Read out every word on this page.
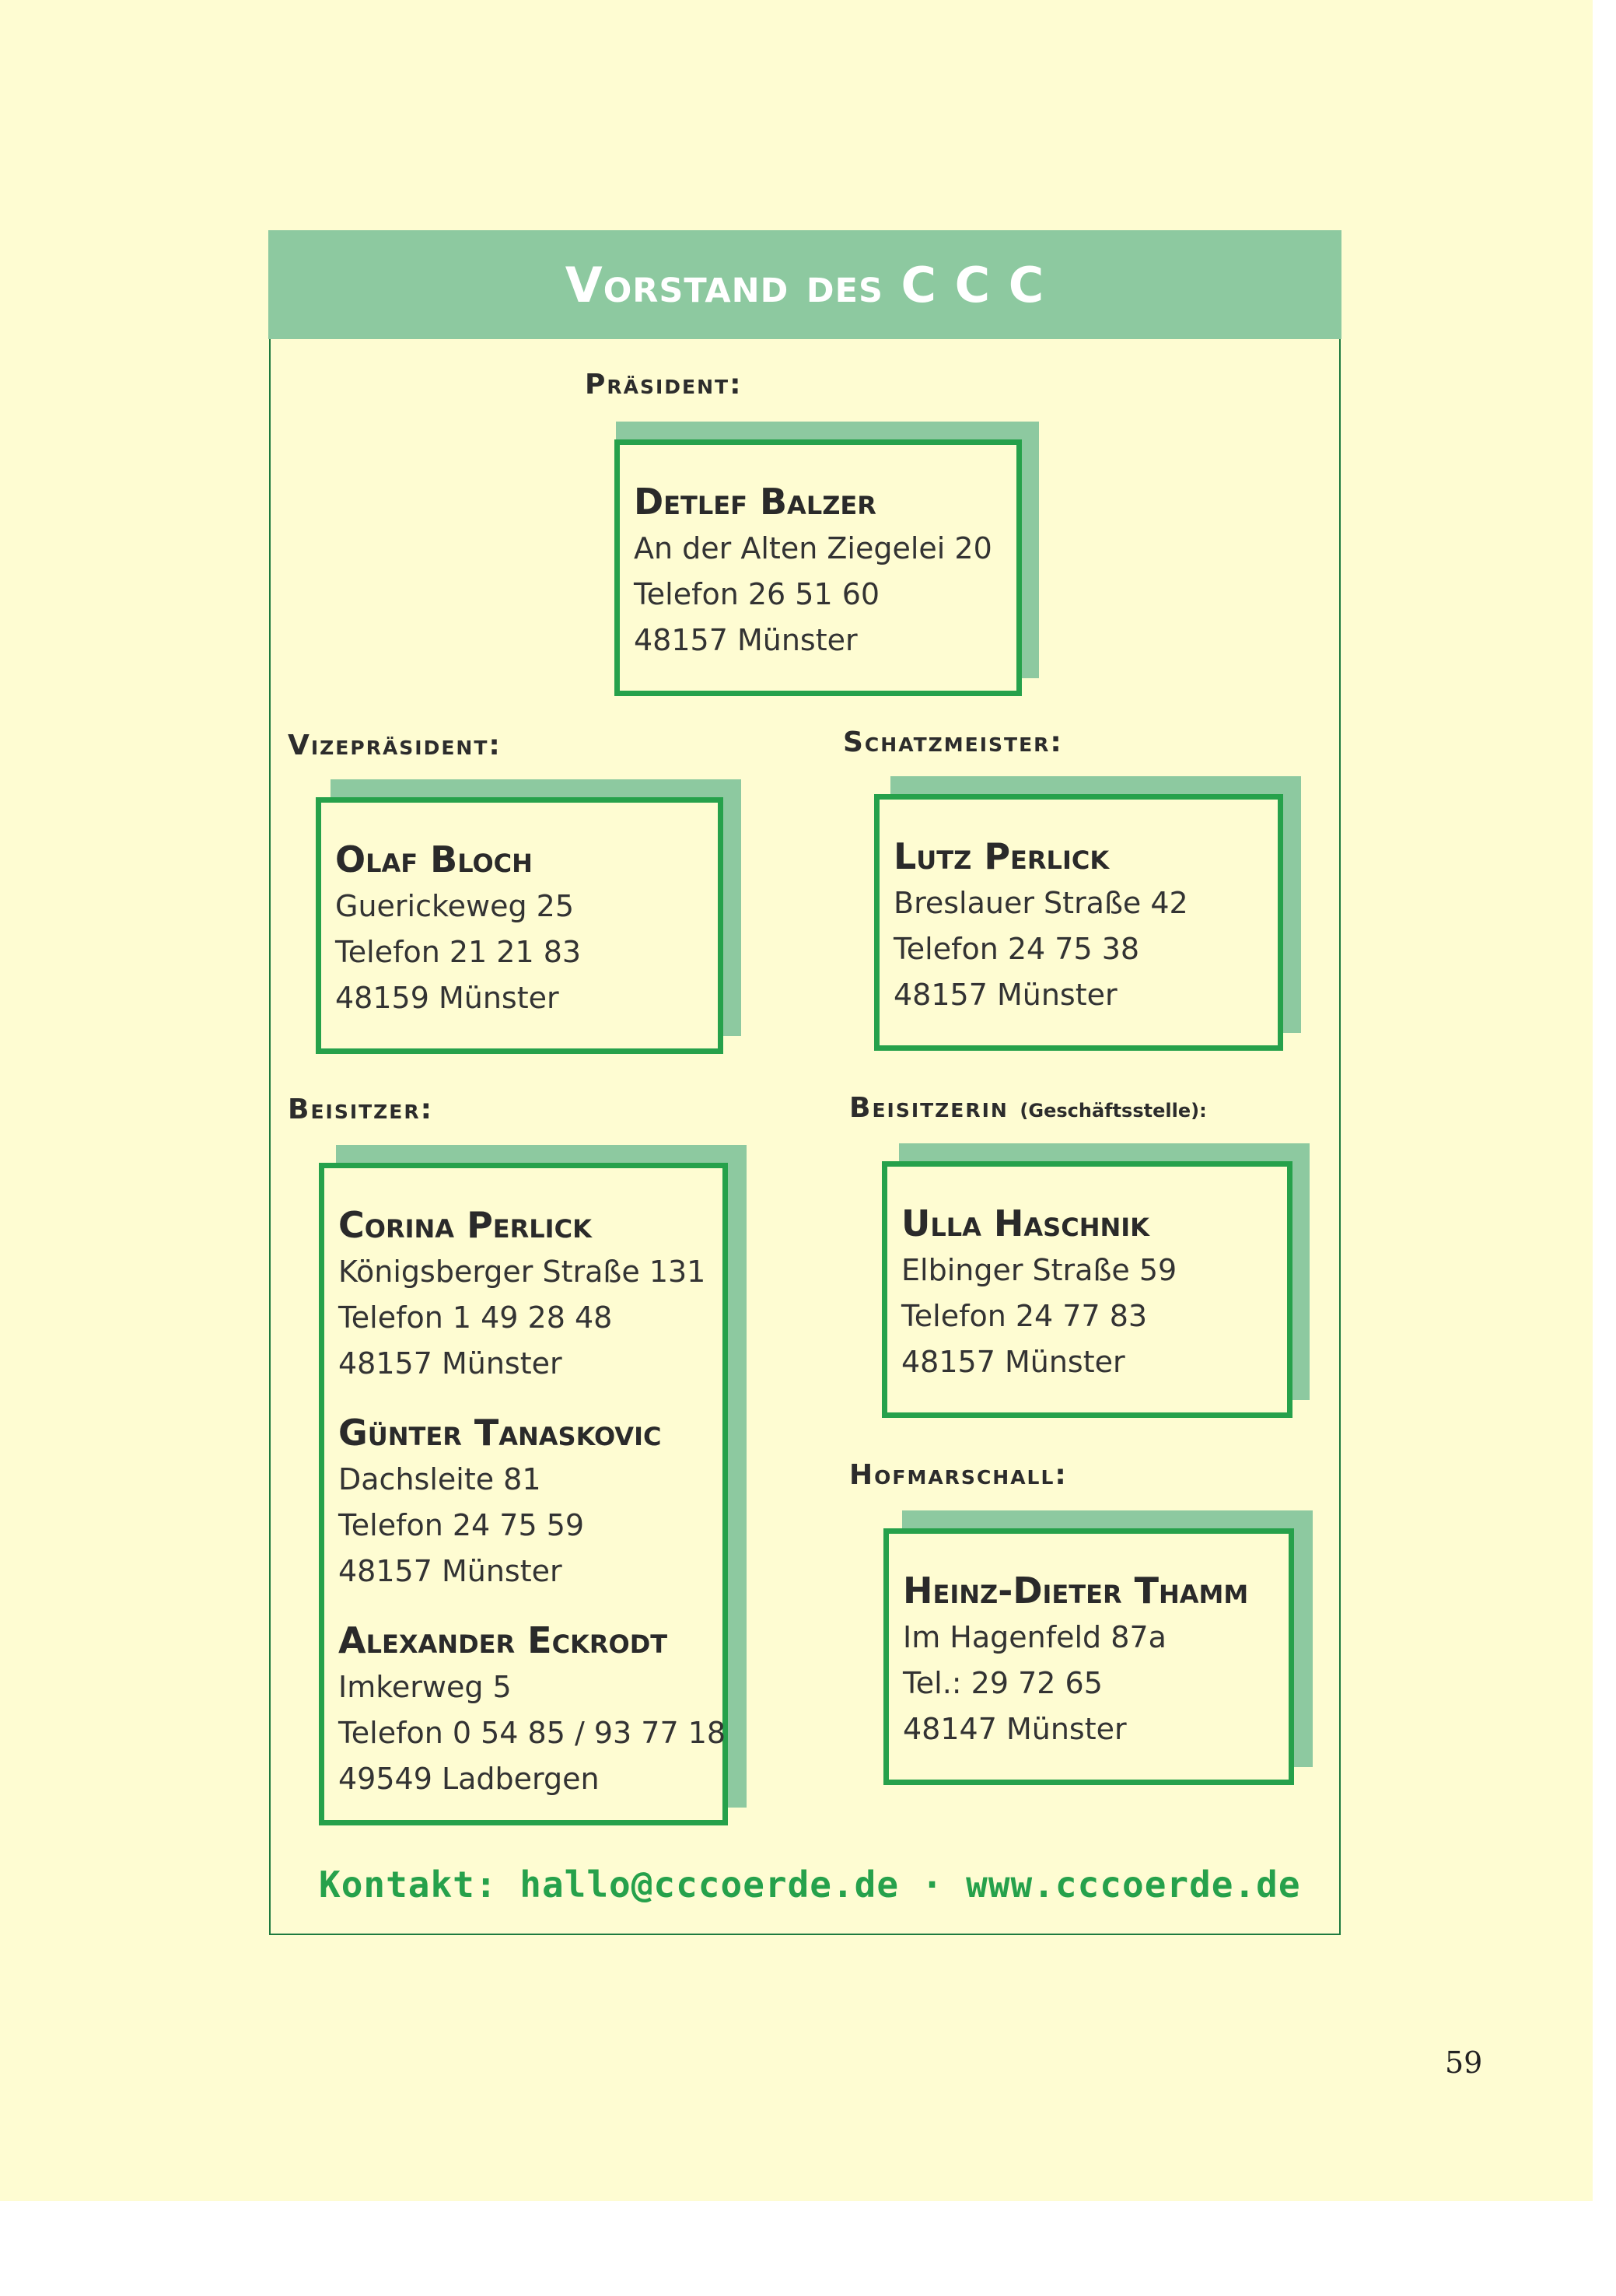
Vorstand des C C C
Präsident:
Detlef Balzer
An der Alten Ziegelei 20
Telefon 26 51 60
48157 Münster
Vizepräsident:
Olaf Bloch
Guerickeweg 25
Telefon 21 21 83
48159 Münster
Schatzmeister:
Lutz Perlick
Breslauer Straße 42
Telefon 24 75 38
48157 Münster
Beisitzer:
Corina Perlick
Königsberger Straße 131
Telefon 1 49 28 48
48157 Münster
Günter Tanaskovic
Dachsleite 81
Telefon 24 75 59
48157 Münster
Alexander Eckrodt
Imkerweg 5
Telefon 0 54 85 / 93 77 18
49549 Ladbergen
Beisitzerin (Geschäftsstelle):
Ulla Haschnik
Elbinger Straße 59
Telefon 24 77 83
48157 Münster
Hofmarschall:
Heinz-Dieter Thamm
Im Hagenfeld 87a
Tel.: 29 72 65
48147 Münster
Kontakt: hallo@cccoerde.de · www.cccoerde.de
59
